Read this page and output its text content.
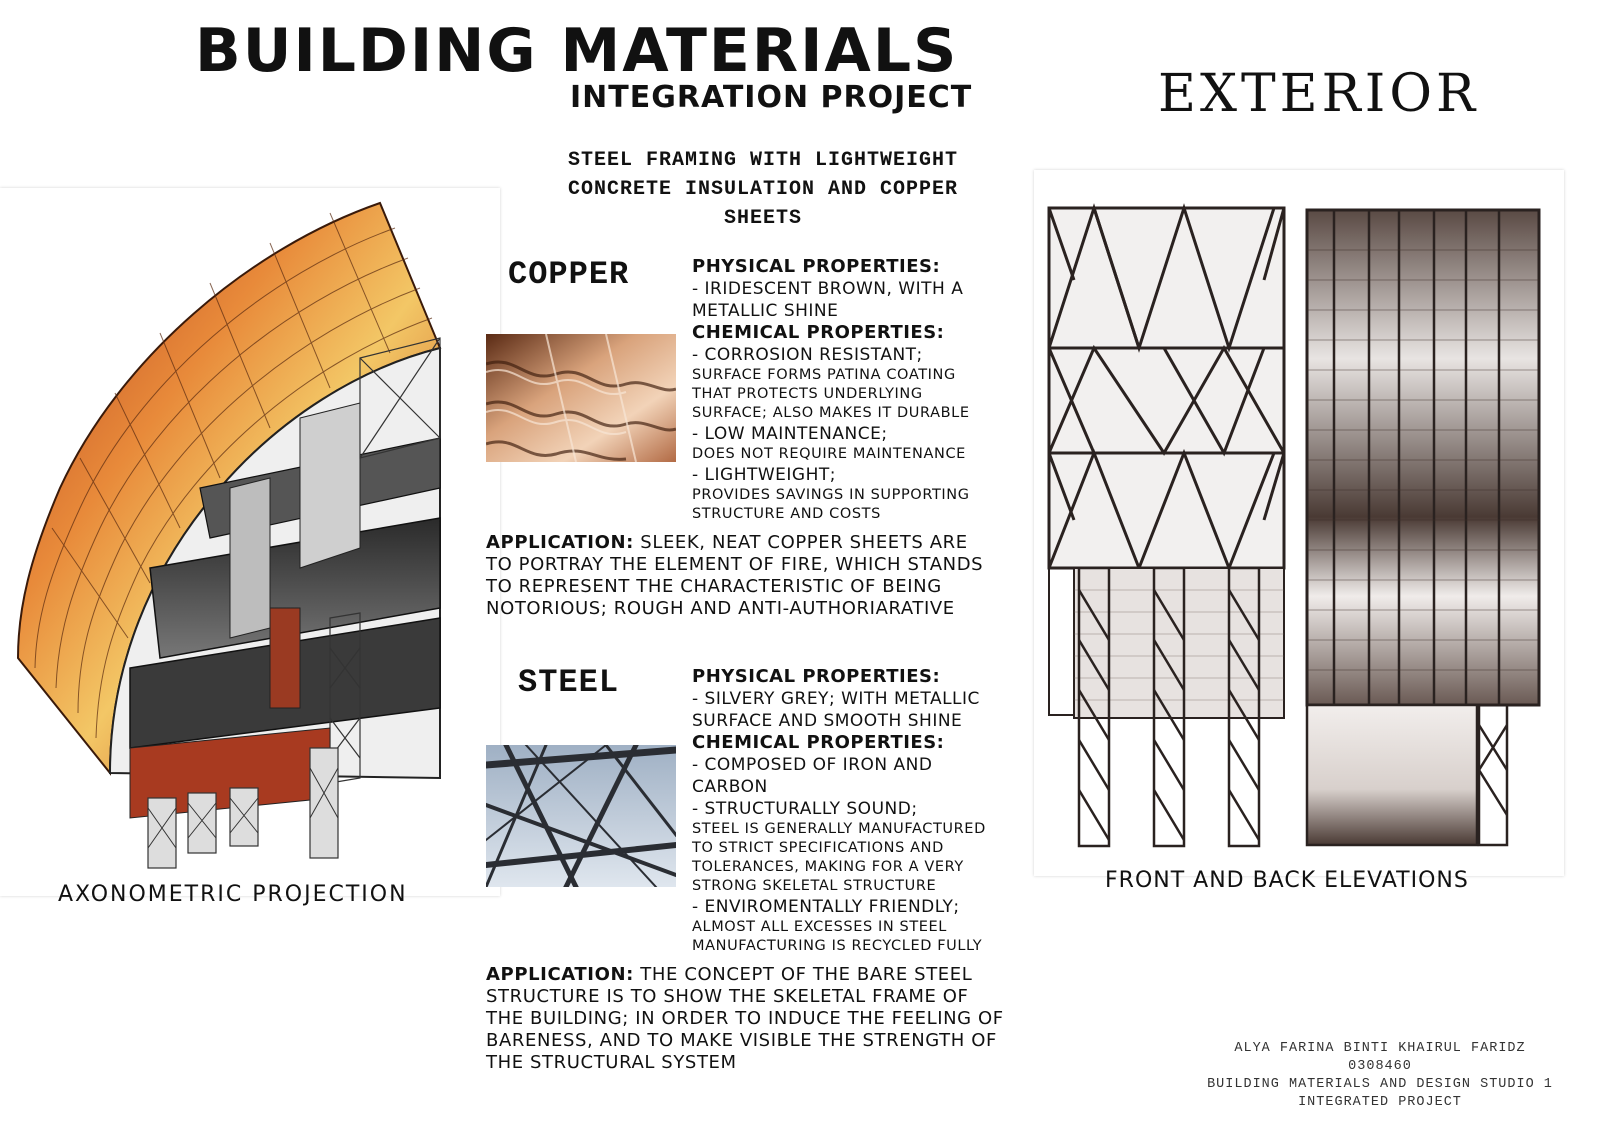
BUILDING MATERIALS
INTEGRATION PROJECT	EXTERIOR
STEEL FRAMING WITH LIGHTWEIGHT
CONCRETE INSULATION AND COPPER
SHEETS
AXONOMETRIC PROJECTION
COPPER	PHYSICAL PROPERTIES:
- IRIDESCENT BROWN, WITH A
METALLIC SHINE
CHEMICAL PROPERTIES:
- CORROSION RESISTANT;
SURFACE FORMS PATINA COATING
THAT PROTECTS UNDERLYING
SURFACE; ALSO MAKES IT DURABLE
- LOW MAINTENANCE;
DOES NOT REQUIRE MAINTENANCE
- LIGHTWEIGHT;
PROVIDES SAVINGS IN SUPPORTING
STRUCTURE AND COSTS
APPLICATION: SLEEK, NEAT COPPER SHEETS ARE TO PORTRAY THE ELEMENT OF FIRE, WHICH STANDS TO REPRESENT THE CHARACTERISTIC OF BEING NOTORIOUS; ROUGH AND ANTI-AUTHORIARATIVE
STEEL	PHYSICAL PROPERTIES:
- SILVERY GREY; WITH METALLIC
SURFACE AND SMOOTH SHINE
CHEMICAL PROPERTIES:
- COMPOSED OF IRON AND
CARBON
- STRUCTURALLY SOUND;
STEEL IS GENERALLY MANUFACTURED
TO STRICT SPECIFICATIONS AND
TOLERANCES, MAKING FOR A VERY
STRONG SKELETAL STRUCTURE
- ENVIROMENTALLY FRIENDLY;
ALMOST ALL EXCESSES IN STEEL
MANUFACTURING IS RECYCLED FULLY
APPLICATION: THE CONCEPT OF THE BARE STEEL STRUCTURE IS TO SHOW THE SKELETAL FRAME OF THE BUILDING; IN ORDER TO INDUCE THE FEELING OF BARENESS, AND TO MAKE VISIBLE THE STRENGTH OF THE STRUCTURAL SYSTEM
FRONT AND BACK ELEVATIONS
ALYA FARINA BINTI KHAIRUL FARIDZ
0308460
BUILDING MATERIALS AND DESIGN STUDIO 1
INTEGRATED PROJECT
